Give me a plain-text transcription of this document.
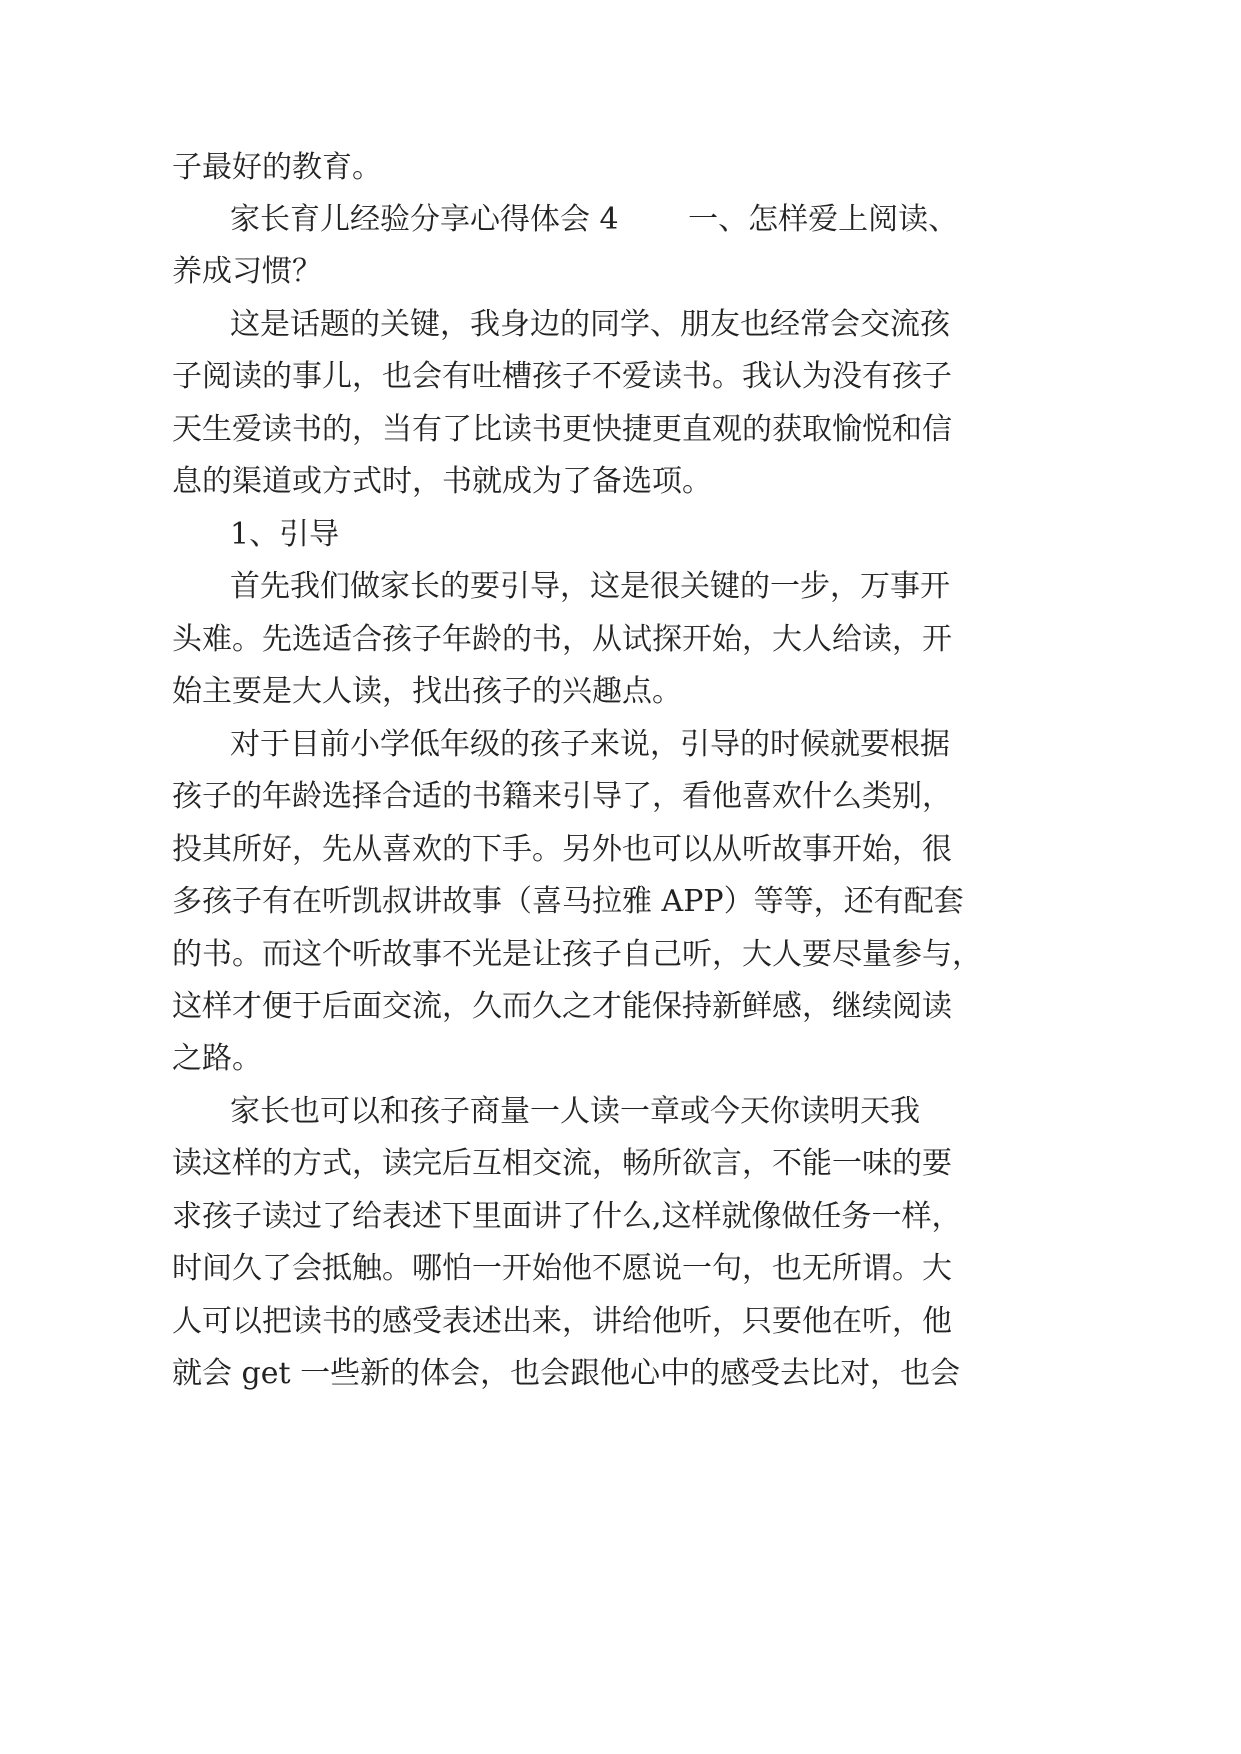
子最好的教育。

家长育儿经验分享心得体会 4　　 一、怎样爱上阅读、

养成习惯？

这是话题的关键，我身边的同学、朋友也经常会交流孩

子阅读的事儿，也会有吐槽孩子不爱读书。我认为没有孩子

天生爱读书的，当有了比读书更快捷更直观的获取愉悦和信

息的渠道或方式时，书就成为了备选项。

1、引导

首先我们做家长的要引导，这是很关键的一步，万事开

头难。先选适合孩子年龄的书，从试探开始，大人给读，开

始主要是大人读，找出孩子的兴趣点。

对于目前小学低年级的孩子来说，引导的时候就要根据

孩子的年龄选择合适的书籍来引导了，看他喜欢什么类别，

投其所好，先从喜欢的下手。另外也可以从听故事开始，很

多孩子有在听凯叔讲故事（喜马拉雅 APP）等等，还有配套

的书。而这个听故事不光是让孩子自己听，大人要尽量参与，

这样才便于后面交流，久而久之才能保持新鲜感，继续阅读

之路。

家长也可以和孩子商量一人读一章或今天你读明天我

读这样的方式，读完后互相交流，畅所欲言，不能一味的要

求孩子读过了给表述下里面讲了什么,这样就像做任务一样，

时间久了会抵触。哪怕一开始他不愿说一句，也无所谓。大

人可以把读书的感受表述出来，讲给他听，只要他在听，他

就会 get 一些新的体会，也会跟他心中的感受去比对，也会
